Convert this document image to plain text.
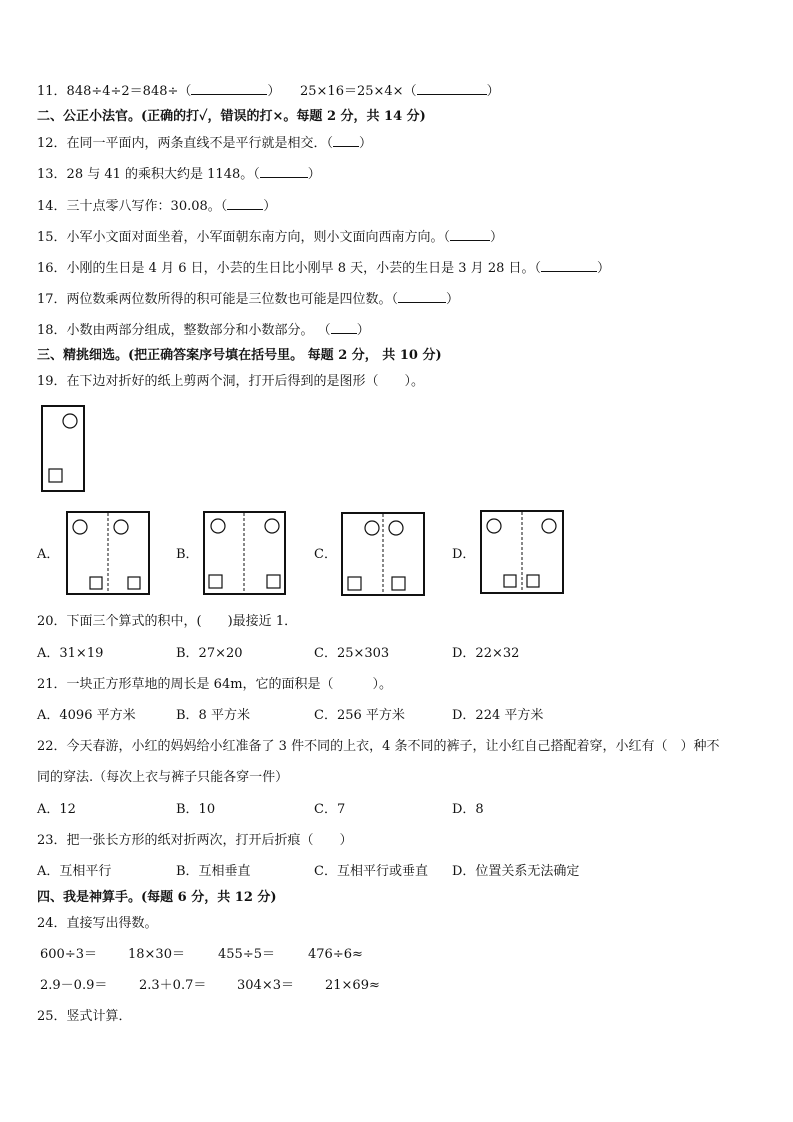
11．848÷4÷2＝848÷（	） 25×16＝25×4×（	）
二、公正小法官。(正确的打✓，错误的打×。每题 2 分，共 14 分)
12．在同一平面内，两条直线不是平行就是相交．（ ）
13．28 与 41 的乘积大约是 1148。（	）
14．三十点零八写作：30.08。（	）
15．小军小文面对面坐着，小军面朝东南方向，则小文面向西南方向。（	）
16．小刚的生日是 4 月 6 日，小芸的生日比小刚早 8 天，小芸的生日是 3 月 28 日。（	）
17．两位数乘两位数所得的积可能是三位数也可能是四位数。（	）
18．小数由两部分组成，整数部分和小数部分。 （ ）
三、精挑细选。(把正确答案序号填在括号里。 每题 2 分， 共 10 分)
19．在下边对折好的纸上剪两个洞，打开后得到的是图形（　　）。
A．	B．	C．	D．
20．下面三个算式的积中，(　　)最接近 1．
A．31×19	B．27×20	C．25×303	D．22×32
21．一块正方形草地的周长是 64m，它的面积是（　　　）。
A．4096 平方米	B．8 平方米	C．256 平方米	D．224 平方米
22．今天春游，小红的妈妈给小红准备了 3 件不同的上衣，4 条不同的裤子，让小红自己搭配着穿，小红有（　）种不
同的穿法.（每次上衣与裤子只能各穿一件）
A．12	B．10	C．7	D．8
23．把一张长方形的纸对折两次，打开后折痕（　　）
A．互相平行	B．互相垂直	C．互相平行或垂直 D．位置关系无法确定
四、我是神算手。(每题 6 分，共 12 分)
24．直接写出得数。
600÷3＝ 18×30＝	455÷5＝	476÷6≈
2.9－0.9＝ 2.3＋0.7＝ 304×3＝ 21×69≈
25．竖式计算．
